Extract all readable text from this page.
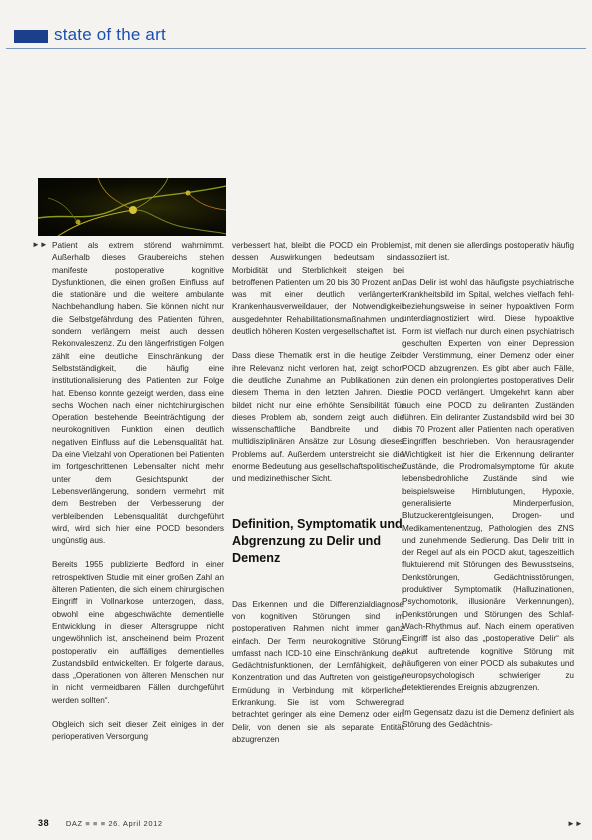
state of the art
►► Patient als extrem störend wahrnimmt. Außerhalb dieses Graubereichs stehen manifeste postoperative kognitive Dysfunktionen, die einen großen Einfluss auf die stationäre und die weitere ambulante Nachbehandlung haben. Sie können nicht nur die Selbstgefährdung des Patienten führen, sondern verlängern meist auch dessen Rekonvaleszenz. Zu den längerfristigen Folgen zählt eine deutliche Einschränkung der Selbstständigkeit, die häufig eine institutionalisierung des Patienten zur Folge hat. Ebenso konnte gezeigt werden, dass eine sechs Wochen nach einer nichtchirurgischen Operation bestehende Beeinträchtigung der neurokognitiven Funktion einen deutlich negativen Einfluss auf die Lebensqualität hat. Da eine Vielzahl von Operationen bei Patienten im fortgeschrittenen Lebensalter nicht mehr unter dem Gesichtspunkt der Lebensverlängerung, sondern vermehrt mit dem Bestreben der Verbesserung der verbleibenden Lebensqualität durchgeführt wird, wird sich hier eine POCD besonders ungünstig aus.

Bereits 1955 publizierte Bedford in einer retrospektiven Studie mit einer großen Zahl an älteren Patienten, die sich einem chirurgischen Eingriff in Vollnarkose unterzogen, dass, obwohl eine abgeschwächte dementielle Entwicklung in dieser Altersgruppe nicht ungewöhnlich ist, anscheinend beim Prozent postoperativ ein auffälliges dementielles Zustandsbild entwickelten. Er folgerte daraus, dass „Operationen von älteren Menschen nur in nicht vermeidbaren Fällen durchgeführt werden sollten“.

Obgleich sich seit dieser Zeit einiges in der perioperativen Versorgung

verbessert hat, bleibt die POCD ein Problem, dessen Auswirkungen bedeutsam sind. Morbidität und Sterblichkeit steigen bei betroffenen Patienten um 20 bis 30 Prozent an, was mit einer deutlich verlängerten Krankenhausverweildauer, der Notwendigkeit ausgedehnter Rehabilitationsmaßnahmen und deutlich höheren Kosten vergesellschaftet ist.

Dass diese Thematik erst in die heutige Zeit ihre Relevanz nicht verloren hat, zeigt schon die deutliche Zunahme an Publikationen zu diesem Thema in den letzten Jahren. Dies bildet nicht nur eine erhöhte Sensibilität für dieses Problem ab, sondern zeigt auch die wissenschaftliche Bandbreite und die multidisziplinären Ansätze zur Lösung dieses Problems auf. Außerdem unterstreicht sie die enorme Bedeutung aus gesellschaftspolitischer und medizinethischer Sicht.

Definition, Symptomatik und Abgrenzung zu Delir und Demenz

Das Erkennen und die Differenzialdiagnose von kognitiven Störungen sind im postoperativen Rahmen nicht immer ganz einfach. Der Term neurokognitive Störung“ umfasst nach ICD-10 eine Einschränkung der Gedächtnisfunktionen, der Lernfähigkeit, der Konzentration und das Auftreten von geistiger Ermüdung in Verbindung mit körperlicher Erkrankung. Sie ist vom Schweregrad betrachtet geringer als eine Demenz oder ein Delir, von denen sie als separate Entität abzugrenzen

ist, mit denen sie allerdings postoperativ häufig assoziiert ist.

Das Delir ist wohl das häufigste psychiatrische Krankheitsbild im Spital, welches vielfach fehl- beziehungsweise in seiner hypoaktiven Form unterdiagnostiziert wird. Diese hypoaktive Form ist vielfach nur durch einen psychiatrisch geschulten Experten von einer Depression oder Verstimmung, einer Demenz oder einer POCD abzugrenzen. Es gibt aber auch Fälle, in denen ein prolongiertes postoperatives Delir die POCD verlängert. Umgekehrt kann aber auch eine POCD zu deliranten Zuständen führen. Ein deliranter Zustandsbild wird bei 30 bis 70 Prozent aller Patienten nach operativen Eingriffen beschrieben. Von herausragender Wichtigkeit ist hier die Erkennung deliranter Zustände, die Prodromalsymptome für akute lebensbedrohliche Zustände sind wie beispielsweise Hirnblutungen, Hypoxie, generalisierte Minderperfusion, Blutzuckerentgleisungen, Drogen- und Medikamentenentzug, Pathologien des ZNS und zunehmende Sedierung. Das Delir tritt in der Regel auf als ein POCD akut, tageszeitlich fluktuierend mit Störungen des Bewusstseins, Denkstörungen, Gedächtnisstörungen, produktiver Symptomatik (Halluzinationen, Psychomotorik, illusionäre Verkennungen), Denkstörungen und Störungen des Schlaf-Wach-Rhythmus auf. Nach einem operativen Eingriff ist also das „postoperative Delir“ als akut auftretende kognitive Störung mit häufigeren von einer POCD als subakutes und neuropsychologisch schwieriger zu detektierendes Ereignis abzugrenzen.

Im Gegensatz dazu ist die Demenz definiert als Störung des Gedächtnis-

►►
38 DAZ ≡ ≡ ≡ 26. April 2012
